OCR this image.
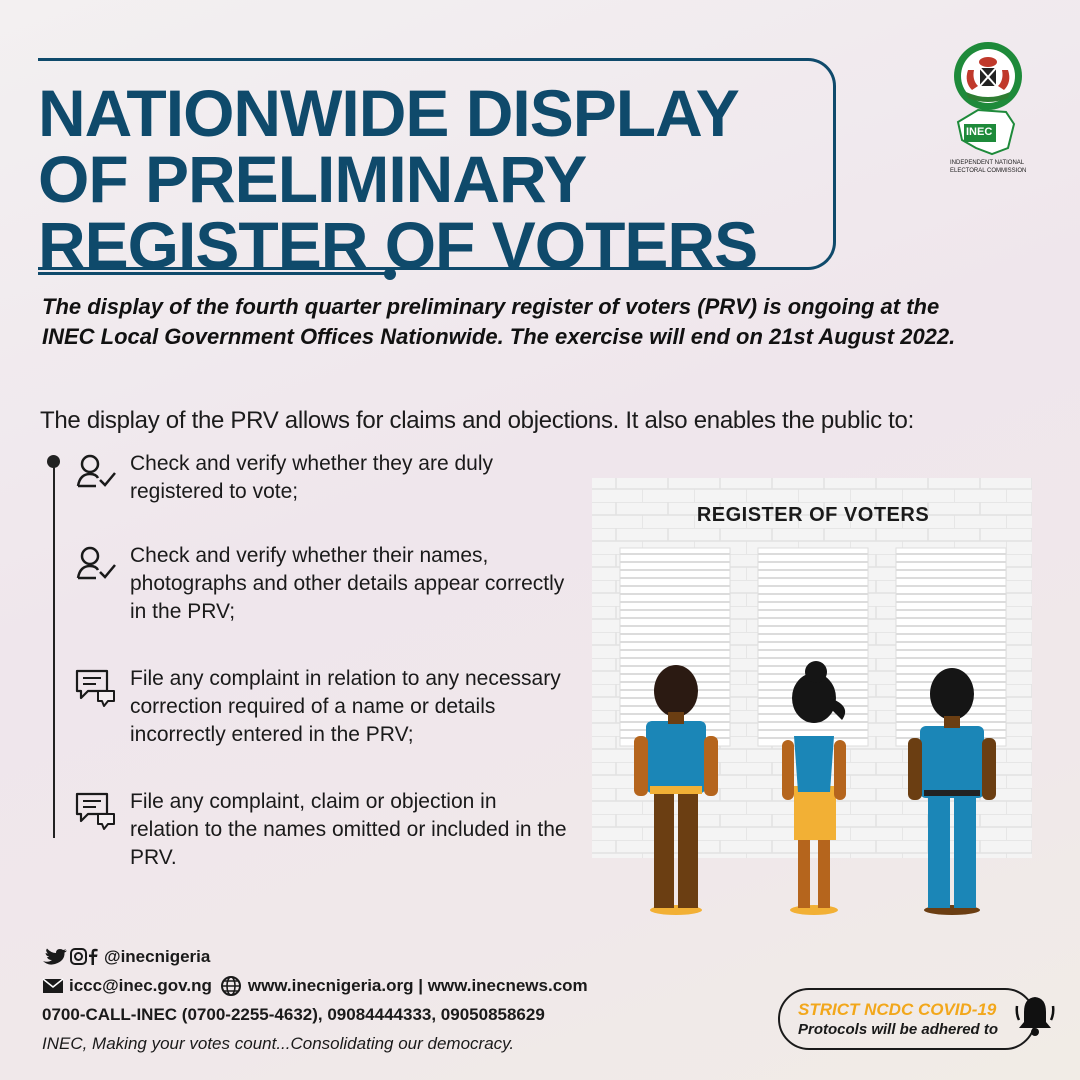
NATIONWIDE DISPLAY
OF PRELIMINARY
REGISTER OF VOTERS
INEC
INDEPENDENT NATIONAL
ELECTORAL COMMISSION
The display of the fourth quarter preliminary register of voters (PRV) is ongoing at the INEC Local Government Offices Nationwide. The exercise will end on 21st August 2022.
The display of the PRV allows for claims and objections. It also enables the public to:
Check and verify whether they are duly registered to vote;
Check and verify whether their names, photographs and other details appear correctly in the PRV;
File any complaint in relation to any necessary correction required of a name or details incorrectly entered in the PRV;
File any complaint, claim or objection in relation to the names omitted or included in the PRV.
REGISTER OF VOTERS
@inecnigeria
iccc@inec.gov.ng www.inecnigeria.org | www.inecnews.com
0700-CALL-INEC (0700-2255-4632), 09084444333, 09050858629
INEC, Making your votes count...Consolidating our democracy.
STRICT NCDC COVID-19
Protocols will be adhered to
